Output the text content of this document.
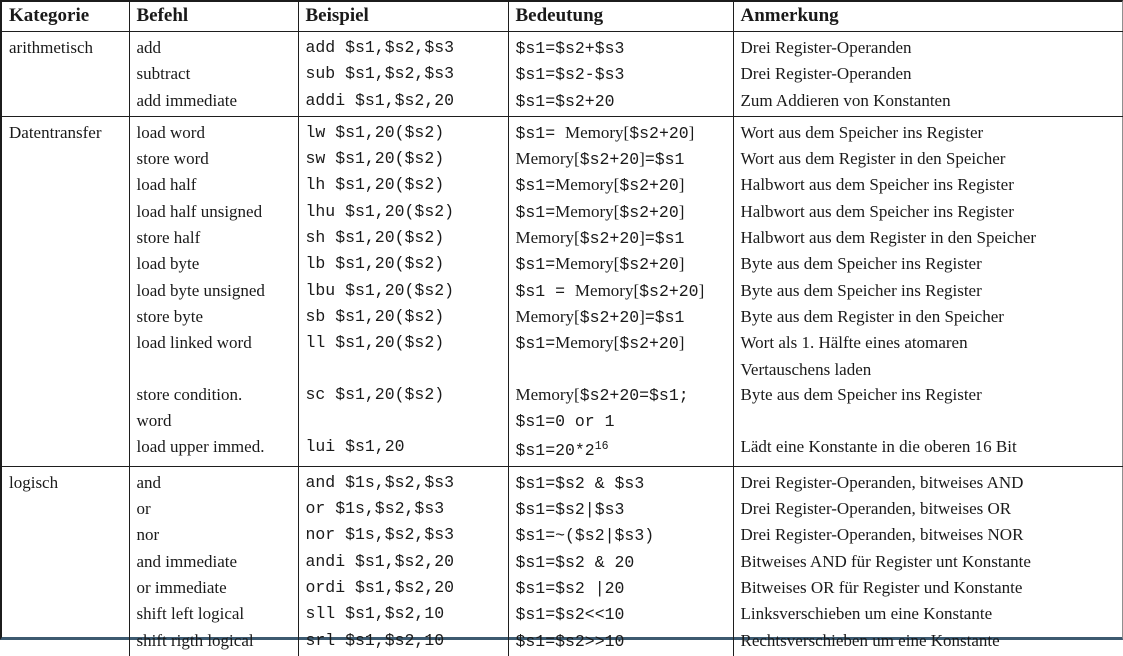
Kategorie	Befehl	Beispiel	Bedeutung	Anmerkung
arithmetisch	add	add $s1,$s2,$s3	$s1=$s2+$s3	Drei Register-Operanden
	subtract	sub $s1,$s2,$s3	$s1=$s2-$s3	Drei Register-Operanden
	add immediate	addi $s1,$s2,20	$s1=$s2+20	Zum Addieren von Konstanten
Datentransfer	load word	lw $s1,20($s2)	$s1= Memory[$s2+20]	Wort aus dem Speicher ins Register
	store word	sw $s1,20($s2)	Memory[$s2+20]=$s1	Wort aus dem Register in den Speicher
	load half	lh $s1,20($s2)	$s1=Memory[$s2+20]	Halbwort aus dem Speicher ins Register
	load half unsigned	lhu $s1,20($s2)	$s1=Memory[$s2+20]	Halbwort aus dem Speicher ins Register
	store half	sh $s1,20($s2)	Memory[$s2+20]=$s1	Halbwort aus dem Register in den Speicher
	load byte	lb $s1,20($s2)	$s1=Memory[$s2+20]	Byte aus dem Speicher ins Register
	load byte unsigned	lbu $s1,20($s2)	$s1 = Memory[$s2+20]	Byte aus dem Speicher ins Register
	store byte	sb $s1,20($s2)	Memory[$s2+20]=$s1	Byte aus dem Register in den Speicher
	load linked word	ll $s1,20($s2)	$s1=Memory[$s2+20]	Wort als 1. Hälfte eines atomaren
				Vertauschens laden
	store condition.	sc $s1,20($s2)	Memory[$s2+20=$s1;	Byte aus dem Speicher ins Register
	word		$s1=0 or 1	
	load upper immed.	lui $s1,20	$\$s1=20*2^{16}$	Lädt eine Konstante in die oberen 16 Bit
logisch	and	and $1s,$s2,$s3	$s1=$s2 & $s3	Drei Register-Operanden, bitweises AND
	or	or $1s,$s2,$s3	$s1=$s2|$s3	Drei Register-Operanden, bitweises OR
	nor	nor $1s,$s2,$s3	$s1=~($s2|$s3)	Drei Register-Operanden, bitweises NOR
	and immediate	andi $s1,$s2,20	$s1=$s2 & 20	Bitweises AND für Register unt Konstante
	or immediate	ordi $s1,$s2,20	$s1=$s2 |20	Bitweises OR für Register und Konstante
	shift left logical	sll $s1,$s2,10	$s1=$s2<<10	Linksverschieben um eine Konstante
	shift rigth logical	srl $s1,$s2,10	$s1=$s2>>10	Rechtsverschieben um eine Konstante
